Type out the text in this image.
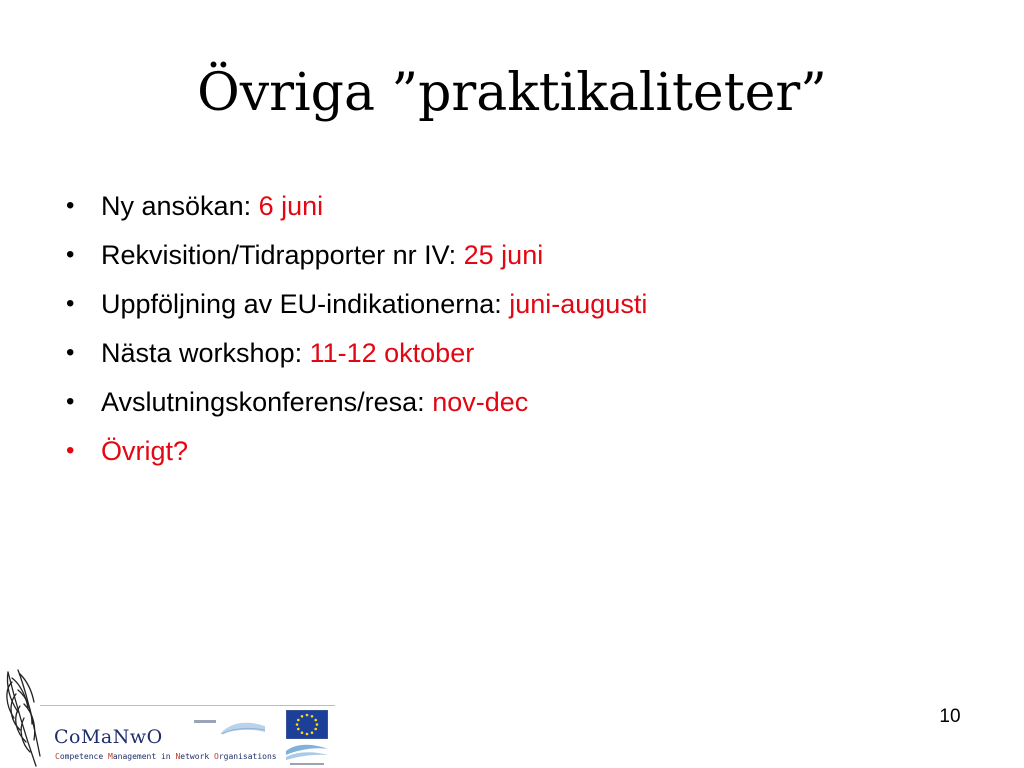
Övriga ”praktikaliteter”
• Ny ansökan: 6 juni
• Rekvisition/Tidrapporter nr IV: 25 juni
• Uppföljning av EU-indikationerna: juni-augusti
• Nästa workshop: 11-12 oktober
• Avslutningskonferens/resa: nov-dec
• Övrigt?
CoMaNwO
Competence Management in Network Organisations
10
